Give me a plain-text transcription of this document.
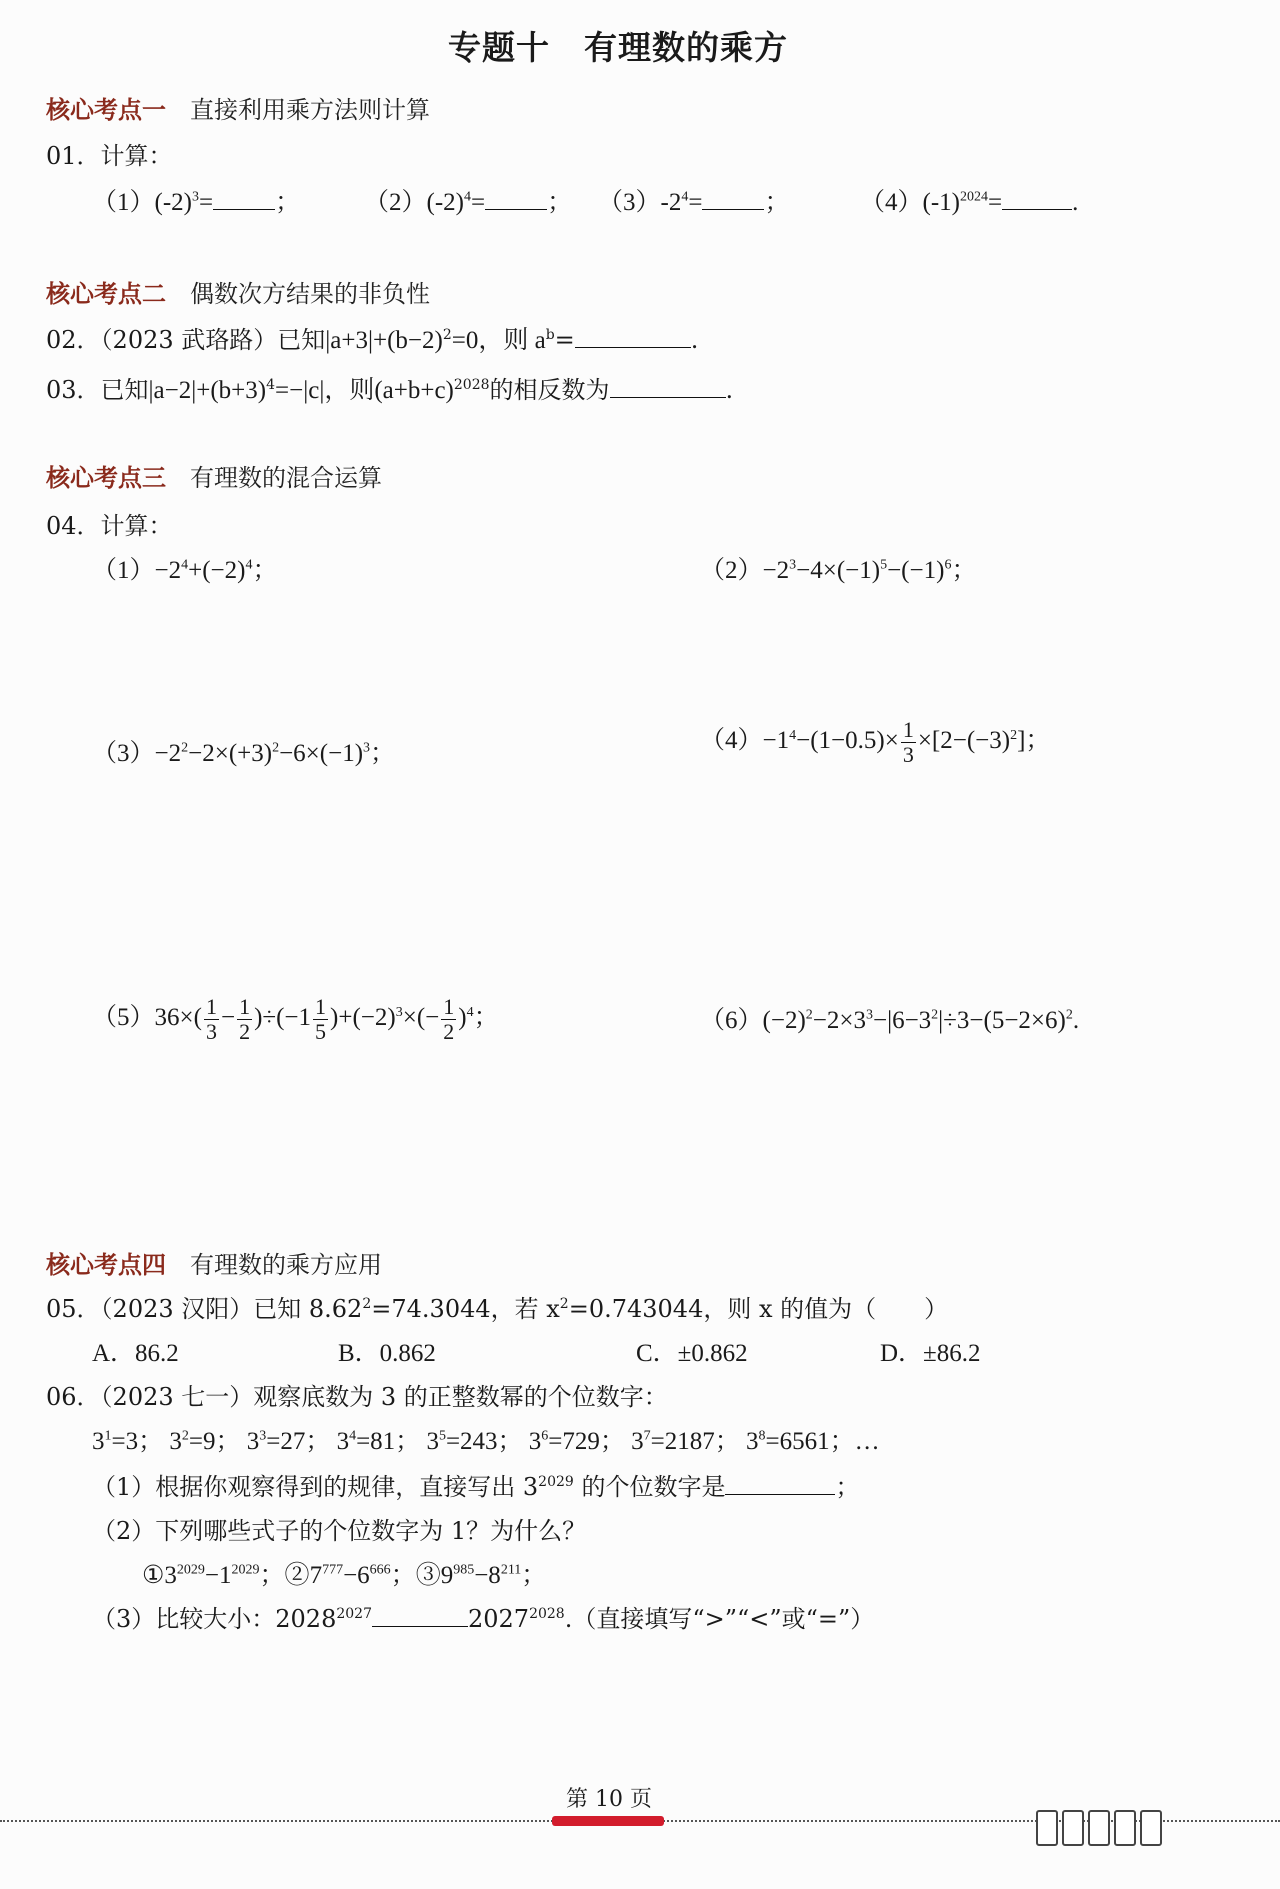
专题十　有理数的乘方
核心考点一　 直接利用乘方法则计算
01．计算：
$(1)(-2)^3=$ ；	$(2)(-2)^4=$ ； $(3)-2^4=$ ；	$(4)(-1)^{2024}=$	.
核心考点二　 偶数次方结果的非负性
02．（2023 武珞路）已知$|a+3|+(b-2)^2=0$，则 $a^b=$	.
03．已知$|a-2|+(b+3)^4=-|c|$，则$(a+b+c)^{2028}$的相反数为	.
核心考点三　 有理数的混合运算
04．计算：
$(1)-2^4+(-2)^4$；	$(2)-2^3-4\times(-1)^5-(-1)^6$；
$(3)-2^2-2\times(+3)^2-6\times(-1)^3$；	$(4)-1^4-(1-0.5)\times \frac{1}{3} \times[2-(-3)^2]$；
$(5)36\times( \frac{1}{3} - \frac{1}{2} )\div(-1 \frac{1}{5} )+(-2)^3\times(- \frac{1}{2} )^4$；	$(6)(-2)^2-2\times 3^3-|6-3^2|\div 3-(5-2\times 6)^2$.
核心考点四　 有理数的乘方应用
05．（2023 汉阳）已知 $8.62^2=74.3044$，若 $x^2=0.743044$，则 x 的值为（　　）
A．86.2	B．0.862	C．±0.862	D．±86.2
06．（2023 七一）观察底数为 3 的正整数幂的个位数字：
$3^1=3$； $3^2=9$； $3^3=27$； $3^4=81$； $3^5=243$； $3^6=729$； $3^7=2187$； $3^8=6561$；…
（1）根据你观察得到的规律，直接写出 $3^{2029}$ 的个位数字是	；
（2）下列哪些式子的个位数字为 1？为什么？
$①3^{2029}-1^{2029}$；$②7^{777}-6^{666}$；$③9^{985}-8^{211}$；
（3）比较大小：$2028^{2027}$	$2027^{2028}$.（直接填写“>”“<”或“=”）
第 10 页
